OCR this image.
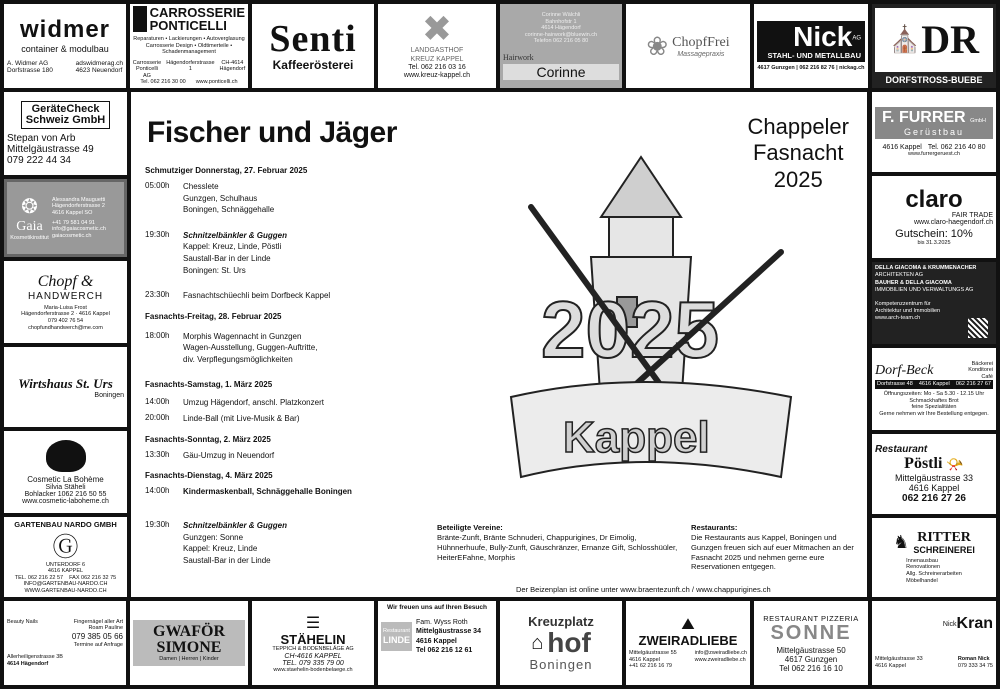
widmer
container & modulbau
A. Widmer AG
Dorfstrasse 180
adswidmerag.ch
4623 Neuendorf
CARROSSERIE
PONTICELLI
Reparaturen • Lackierungen • Autoverglasung
Carrosserie Design • Oldtimerteile • Schadenmanagement
Carrosserie Ponticelli AG
Hägendorferstrasse 1
CH-4614 Hägendorf
Tel. 062 216 30 00 www.ponticelli.ch
Senti
Kaffeerösterei
✖
LANDGASTHOF
KREUZ KAPPEL
Tel. 062 216 03 16
www.kreuz-kappel.ch
Corinne Wälchli
Bahnhofstr 1
4614 Hägendorf
corinne-hairwork@bluewin.ch
Telefon 062 216 05 80
Hairwork
Corinne
❀ ChopfFrei
Massagepraxis
Nick$^{AG}$
STAHL- UND METALLBAU
4617 Gunzgen | 062 216 82 76 | nickag.ch
⛪ DR
DORFSTROSS-BUEBE
GeräteCheck
Schweiz GmbH
Stepan von Arb
Mittelgäustrasse 49
079 222 44 34
❂
Gaia
Kosmetikinstitut
Alessandra Mauguetti
Hägendorferstrasse 2
4616 Kappel SO
+41 79 581 04 91
info@gaiacosmetic.ch
gaiacosmetic.ch
Chopf &
HANDWERCH
Maria-Luisa Frost
Hägendorferstrasse 2 · 4616 Kappel
079 402 76 54
chopfundhandwerch@me.com
Wirtshaus St. Urs
Boningen
Cosmetic La Bohème
Silvia Stäheli
Bohlacker 1062 216 50 55
www.cosmetic-laboheme.ch
GARTENBAU NARDO GMBH
Ⓖ
UNTERDORF 6
4616 KAPPEL
TEL. 062 216 22 57 FAX 062 216 32 75
INFO@GARTENBAU-NARDO.CH
WWW.GARTENBAU-NARDO.CH
F. FURRER GmbH
Gerüstbau
4616 Kappel Tel. 062 216 40 80
www.furrergeruest.ch
claro
FAIR TRADE
www.claro-haegendorf.ch
Gutschein: 10%
bis 31.3.2025
DELLA GIACOMA & KRUMMENACHER
ARCHITEKTEN AG
BAUHER & DELLA GIACOMA
IMMOBILIEN UND VERWALTUNGS AG
Kompetenzzentrum für
Architektur und Immobilien
www.arch-team.ch
Dorf-Beck	Bäckerei
Konditorei
Café
Dorfstrasse 48 4616 Kappel 062 216 27 67
Öffnungszeiten: Mo - Sa 5.30 - 12.15 Uhr
Schmackhaftes Brot
feine Spezialitäten
Gerne nehmen wir Ihre Bestellung entgegen.
Restaurant
Pöstli 📯
Mittelgäustrasse 33
4616 Kappel
062 216 27 26
♞ RITTER
SCHREINEREI
Innenausbau
Renovationen
Allg. Schreinerarbeiten
Möbelhandel
Beauty Nails	Fingernägel aller Art
Roam Pauline
079 385 05 66
Termine auf Anfrage
Allerheiligenstrasse 3B
4614 Hägendorf
GWAFÖR
SIMONE
Damen | Herren | Kinder
☰
STÄHELIN
TEPPICH & BODENBELÄGE AG
CH-4616 KAPPEL
TEL. 079 335 79 00
www.staehelin-bodenbelaege.ch
Wir freuen uns auf Ihren Besuch
Restaurant
LINDE
Fam. Wyss Roth
Mittelgäustrasse 34
4616 Kappel
Tel 062 216 12 61
Kreuzplatz
⌂ hof
Boningen
⛰
ZWEIRADLIEBE
Mittelgäustrasse 55
4616 Kappel
+41 62 216 16 79
info@zweiradliebe.ch
www.zweiradliebe.ch
RESTAURANT PIZZERIA
SONNE
Mittelgäustrasse 50
4617 Gunzgen
Tel 062 216 16 10
Nick Kran
Mittelgäustrasse 33
4616 Kappel
Roman Nick
079 333 34 75
Fischer und Jäger	Chappeler
Fasnacht
2025
Schmutziger Donnerstag, 27. Februar 2025
05:00h	Chesslete
Gunzgen, Schulhaus
Boningen, Schnäggehalle
19:30h	Schnitzelbänkler & Guggen
Kappel: Kreuz, Linde, Pöstli
Saustall-Bar in der Linde
Boningen: St. Urs
23:30h	Fasnachtschüechli beim Dorfbeck Kappel
Fasnachts-Freitag, 28. Februar 2025
18:00h	Morphis Wagennacht in Gunzgen
Wagen-Ausstellung, Guggen-Auftritte,
div. Verpflegungsmöglichkeiten
Fasnachts-Samstag, 1. März 2025
14:00h	Umzug Hägendorf, anschl. Platzkonzert
20:00h	Linde-Ball (mit Live-Musik & Bar)
Fasnachts-Sonntag, 2. März 2025
13:30h	Gäu-Umzug in Neuendorf
Fasnachts-Dienstag, 4. März 2025
14:00h	Kindermaskenball, Schnäggehalle Boningen
19:30h	Schnitzelbänkler & Guggen
Gunzgen: Sonne
Kappel: Kreuz, Linde
Saustall-Bar in der Linde
2025
Kappel
Beteiligte Vereine:
Bränte-Zunft, Bränte Schnuderi, Chappurigines, Dr Eimolig, Hühnnerhuufe, Bully-Zunft, Gäuschränzer, Ernanze Gift, Schlosshüüler, HeiterEFahne, Morphis
Restaurants:
Die Restaurants aus Kappel, Boningen und Gunzgen freuen sich auf euer Mitmachen an der Fasnacht 2025 und nehmen gerne eure Reservationen entgegen.
Der Beizenplan ist online unter www.braentezunft.ch / www.chappurigines.ch
